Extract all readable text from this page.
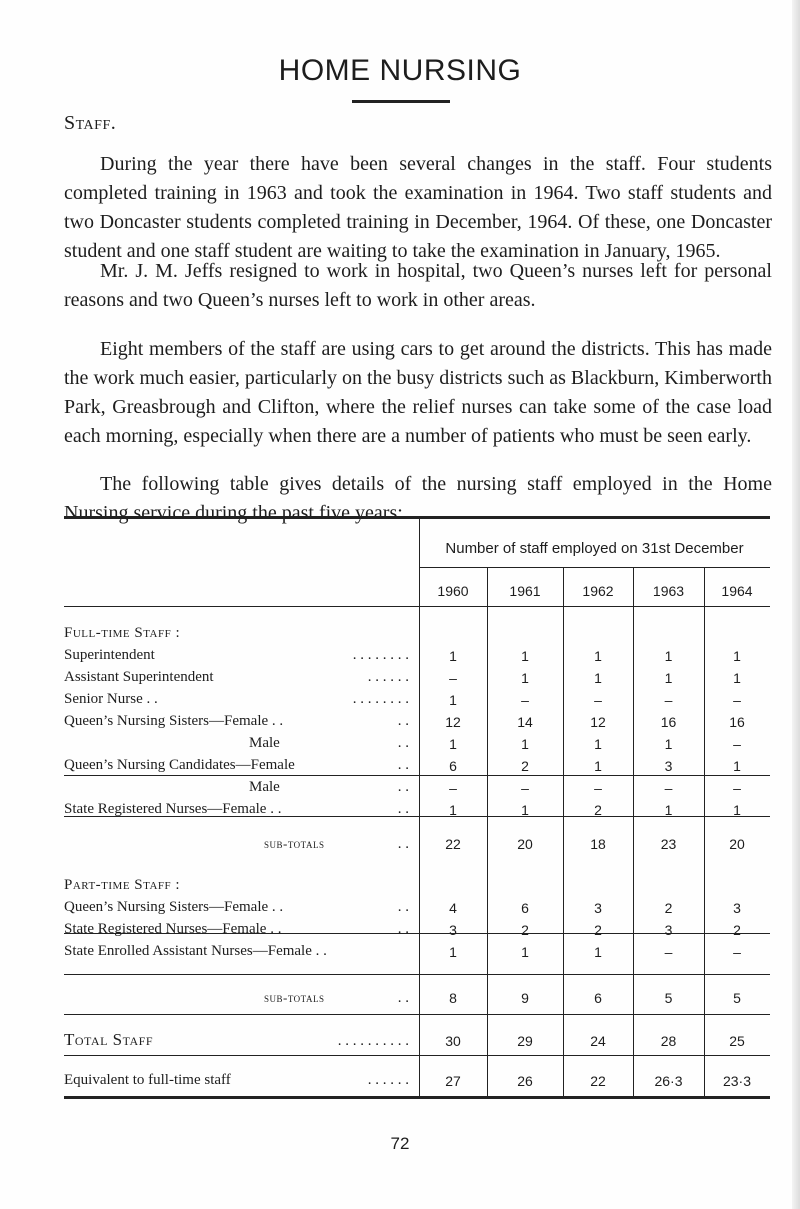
HOME NURSING
Staff.

During the year there have been several changes in the staff. Four students completed training in 1963 and took the examination in 1964. Two staff students and two Doncaster students completed training in December, 1964. Of these, one Doncaster student and one staff student are waiting to take the examination in January, 1965.

Mr. J. M. Jeffs resigned to work in hospital, two Queen’s nurses left for personal reasons and two Queen’s nurses left to work in other areas.

Eight members of the staff are using cars to get around the districts. This has made the work much easier, particularly on the busy districts such as Blackburn, Kimberworth Park, Greasbrough and Clifton, where the relief nurses can take some of the case load each morning, especially when there are a number of patients who must be seen early.

The following table gives details of the nursing staff employed in the Home Nursing service during the past five years:

Number of staff employed on 31st December
1960	1961	1962	1963	1964
Full-time Staff :
Superintendent	. . . . . . . .	1	1	1	1	1
Assistant Superintendent	. . . . . .	–	1	1	1	1
Senior Nurse . .	. . . . . . . .	1	–	–	–	–
Queen’s Nursing Sisters—Female . .	. .	12	14	12	16	16
Male	. .	1	1	1	1	–
Queen’s Nursing Candidates—Female	. .	6	2	1	3	1
Male	. .	–	–	–	–	–
State Registered Nurses—Female . .	. .	1	1	2	1	1
sub-totals	. .	22	20	18	23	20
Part-time Staff :
Queen’s Nursing Sisters—Female . .	. .	4	6	3	2	3
State Registered Nurses—Female . .	. .	3	2	2	3	2
State Enrolled Assistant Nurses—Female . .	1	1	1	–	–
sub-totals	. .	8	9	6	5	5
Total Staff	. . . . . . . . . .	30	29	24	28	25
Equivalent to full-time staff	. . . . . .	27	26	22	26·3	23·3
72
